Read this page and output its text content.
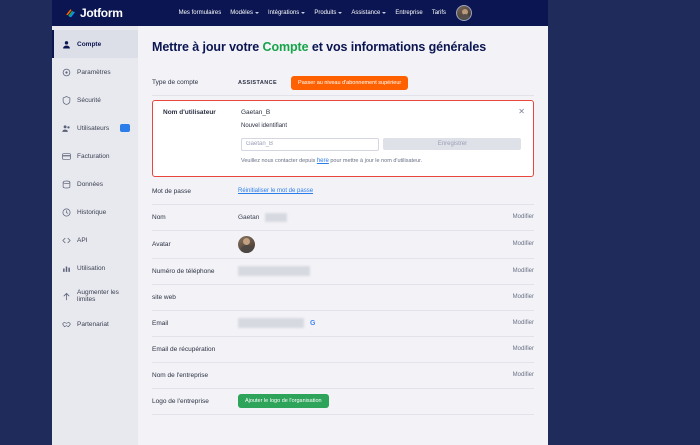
Jotform	Mes formulaires Modèles	Intégrations	Produits	Assistance	Entreprise Tarifs
Compte
Paramètres
Sécurité
Utilisateurs
Facturation
Données
Historique
API
Utilisation
Augmenter les limites
Partenariat
Mettre à jour votre Compte et vos informations générales
Type de compte	ASSISTANCE	Passer au niveau d'abonnement supérieur
✕
Nom d'utilisateur	Gaetan_B
Nouvel identifiant
Gaetan_B Enregistrer
Veuillez nous contacter depuis here pour mettre à jour le nom d'utilisateur.
Mot de passe	Réinitialiser le mot de passe
Nom	Gaetan	Modifier
Avatar	Modifier
Numéro de téléphone	Modifier
site web	Modifier
Email	G	Modifier
Email de récupération	Modifier
Nom de l'entreprise	Modifier
Logo de l'entreprise	Ajouter le logo de l'organisation
